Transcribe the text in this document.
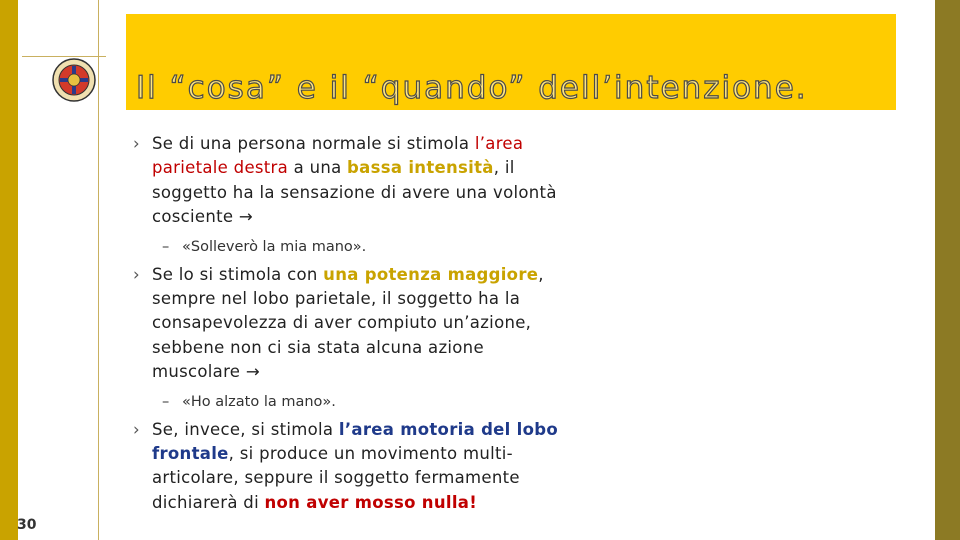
Il “cosa” e il “quando” dell’intenzione.
› Se di una persona normale si stimola l’area parietale destra a una bassa intensità, il soggetto ha la sensazione di avere una volontà cosciente →
– «Solleverò la mia mano».
› Se lo si stimola con una potenza maggiore, sempre nel lobo parietale, il soggetto ha la consapevolezza di aver compiuto un’azione, sebbene non ci sia stata alcuna azione muscolare →
– «Ho alzato la mano».
› Se, invece, si stimola l’area motoria del lobo frontale, si produce un movimento multi-articolare, seppure il soggetto fermamente dichiarerà di non aver mosso nulla!
30
